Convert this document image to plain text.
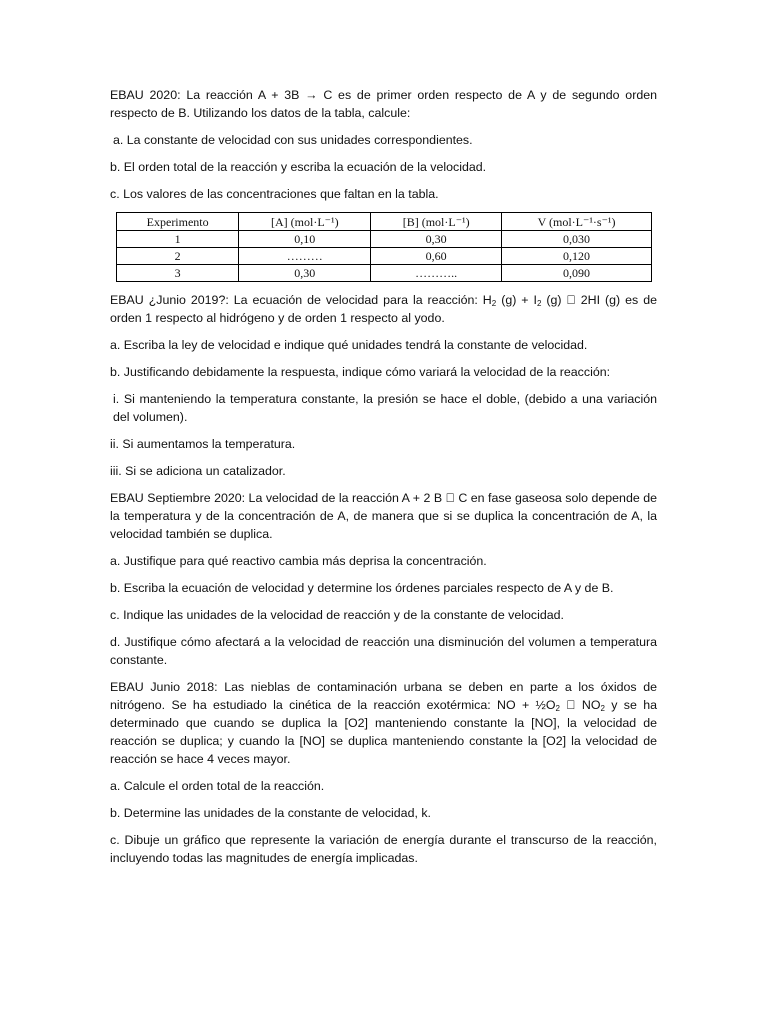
EBAU 2020: La reacción A + 3B → C es de primer orden respecto de A y de segundo orden respecto de B. Utilizando los datos de la tabla, calcule:

a. La constante de velocidad con sus unidades correspondientes.

b. El orden total de la reacción y escriba la ecuación de la velocidad.

c. Los valores de las concentraciones que faltan en la tabla.

Experimento	[A] (mol·L⁻¹)	[B] (mol·L⁻¹)	V (mol·L⁻¹·s⁻¹)
1	0,10	0,30	0,030
2	………	0,60	0,120
3	0,30	………..	0,090

EBAU ¿Junio 2019?: La ecuación de velocidad para la reacción: $H_2$ $(g) + I_2$ (g)   2HI (g) es de orden 1 respecto al hidrógeno y de orden 1 respecto al yodo.

a. Escriba la ley de velocidad e indique qué unidades tendrá la constante de velocidad.

b. Justificando debidamente la respuesta, indique cómo variará la velocidad de la reacción:

i. Si manteniendo la temperatura constante, la presión se hace el doble, (debido a una variación del volumen).

ii. Si aumentamos la temperatura.

iii. Si se adiciona un catalizador.

EBAU Septiembre 2020: La velocidad de la reacción A + 2 B   C en fase gaseosa solo depende de la temperatura y de la concentración de A, de manera que si se duplica la concentración de A, la velocidad también se duplica.

a. Justifique para qué reactivo cambia más deprisa la concentración.

b. Escriba la ecuación de velocidad y determine los órdenes parciales respecto de A y de B.

c. Indique las unidades de la velocidad de reacción y de la constante de velocidad.

d. Justifique cómo afectará a la velocidad de reacción una disminución del volumen a temperatura constante.

EBAU Junio 2018: Las nieblas de contaminación urbana se deben en parte a los óxidos de nitrógeno. Se ha estudiado la cinética de la reacción exotérmica: NO + $\frac{1}{2}O_2$   $NO_2$ y se ha determinado que cuando se duplica la [O2] manteniendo constante la [NO], la velocidad de reacción se duplica; y cuando la [NO] se duplica manteniendo constante la [O2] la velocidad de reacción se hace 4 veces mayor.

a. Calcule el orden total de la reacción.

b. Determine las unidades de la constante de velocidad, k.

c. Dibuje un gráfico que represente la variación de energía durante el transcurso de la reacción, incluyendo todas las magnitudes de energía implicadas.
